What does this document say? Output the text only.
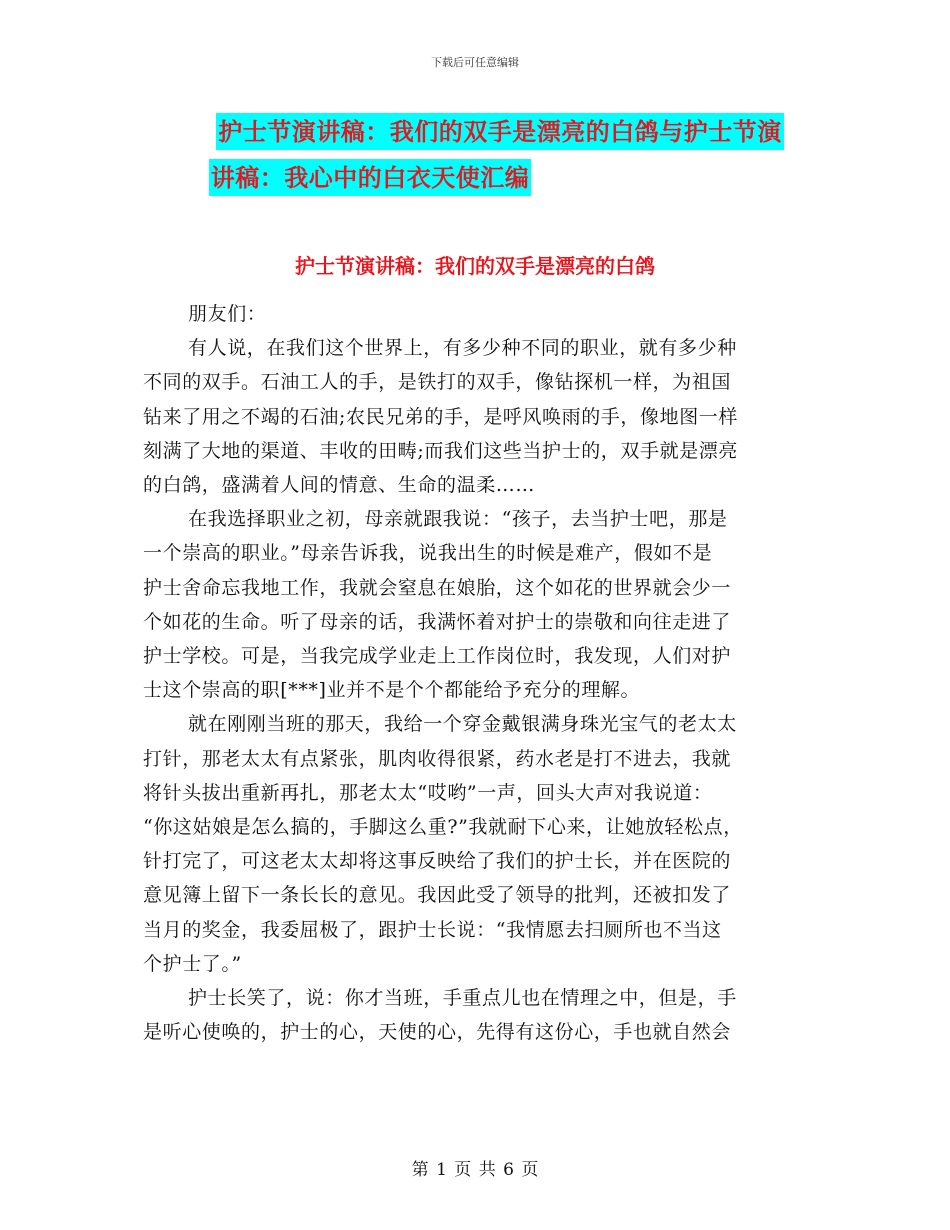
下载后可任意编辑
护士节演讲稿：我们的双手是漂亮的白鸽与护士节演
讲稿：我心中的白衣天使汇编
护士节演讲稿：我们的双手是漂亮的白鸽
朋友们：
有人说，在我们这个世界上，有多少种不同的职业，就有多少种
不同的双手。石油工人的手，是铁打的双手，像钻探机一样，为祖国
钻来了用之不竭的石油;农民兄弟的手，是呼风唤雨的手，像地图一样
刻满了大地的渠道、丰收的田畴;而我们这些当护士的，双手就是漂亮
的白鸽，盛满着人间的情意、生命的温柔……
在我选择职业之初，母亲就跟我说：“孩子，去当护士吧，那是
一个崇高的职业。”母亲告诉我，说我出生的时候是难产，假如不是
护士舍命忘我地工作，我就会窒息在娘胎，这个如花的世界就会少一
个如花的生命。听了母亲的话，我满怀着对护士的崇敬和向往走进了
护士学校。可是，当我完成学业走上工作岗位时，我发现，人们对护
士这个崇高的职[***]业并不是个个都能给予充分的理解。
就在刚刚当班的那天，我给一个穿金戴银满身珠光宝气的老太太
打针，那老太太有点紧张，肌肉收得很紧，药水老是打不进去，我就
将针头拔出重新再扎，那老太太“哎哟”一声，回头大声对我说道：
“你这姑娘是怎么搞的，手脚这么重?”我就耐下心来，让她放轻松点，
针打完了，可这老太太却将这事反映给了我们的护士长，并在医院的
意见簿上留下一条长长的意见。我因此受了领导的批判，还被扣发了
当月的奖金，我委屈极了，跟护士长说：“我情愿去扫厕所也不当这
个护士了。”
护士长笑了，说：你才当班，手重点儿也在情理之中，但是，手
是听心使唤的，护士的心，天使的心，先得有这份心，手也就自然会
第 1 页 共 6 页
